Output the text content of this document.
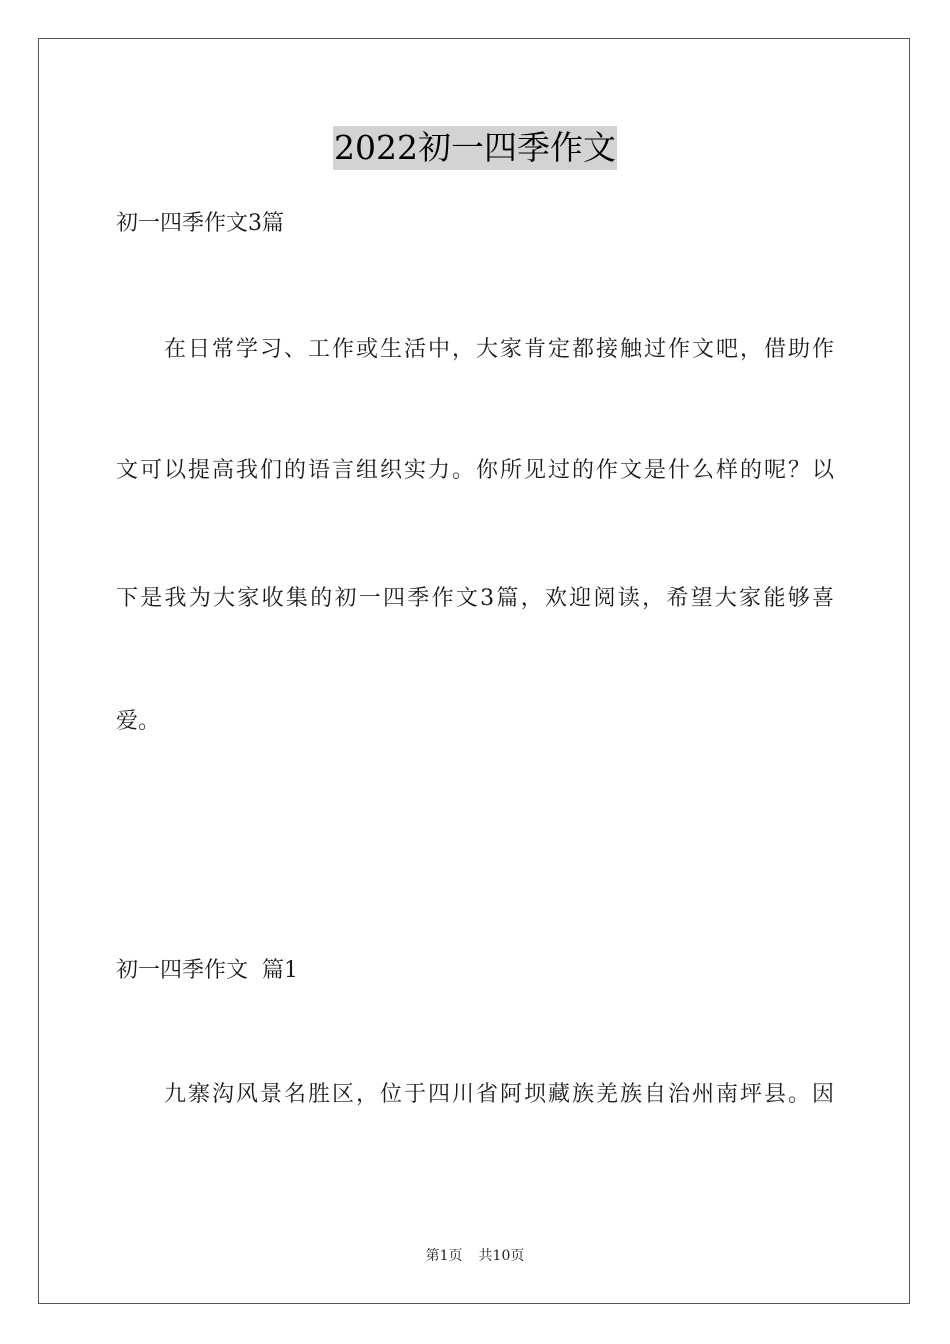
2022初一四季作文
初一四季作文3篇
在日常学习、工作或生活中，大家肯定都接触过作文吧，借助作
文可以提高我们的语言组织实力。你所见过的作文是什么样的呢？以
下是我为大家收集的初一四季作文3篇，欢迎阅读，希望大家能够喜
爱。
初一四季作文  篇1
九寨沟风景名胜区，位于四川省阿坝藏族羌族自治州南坪县。因
第1页 共10页
